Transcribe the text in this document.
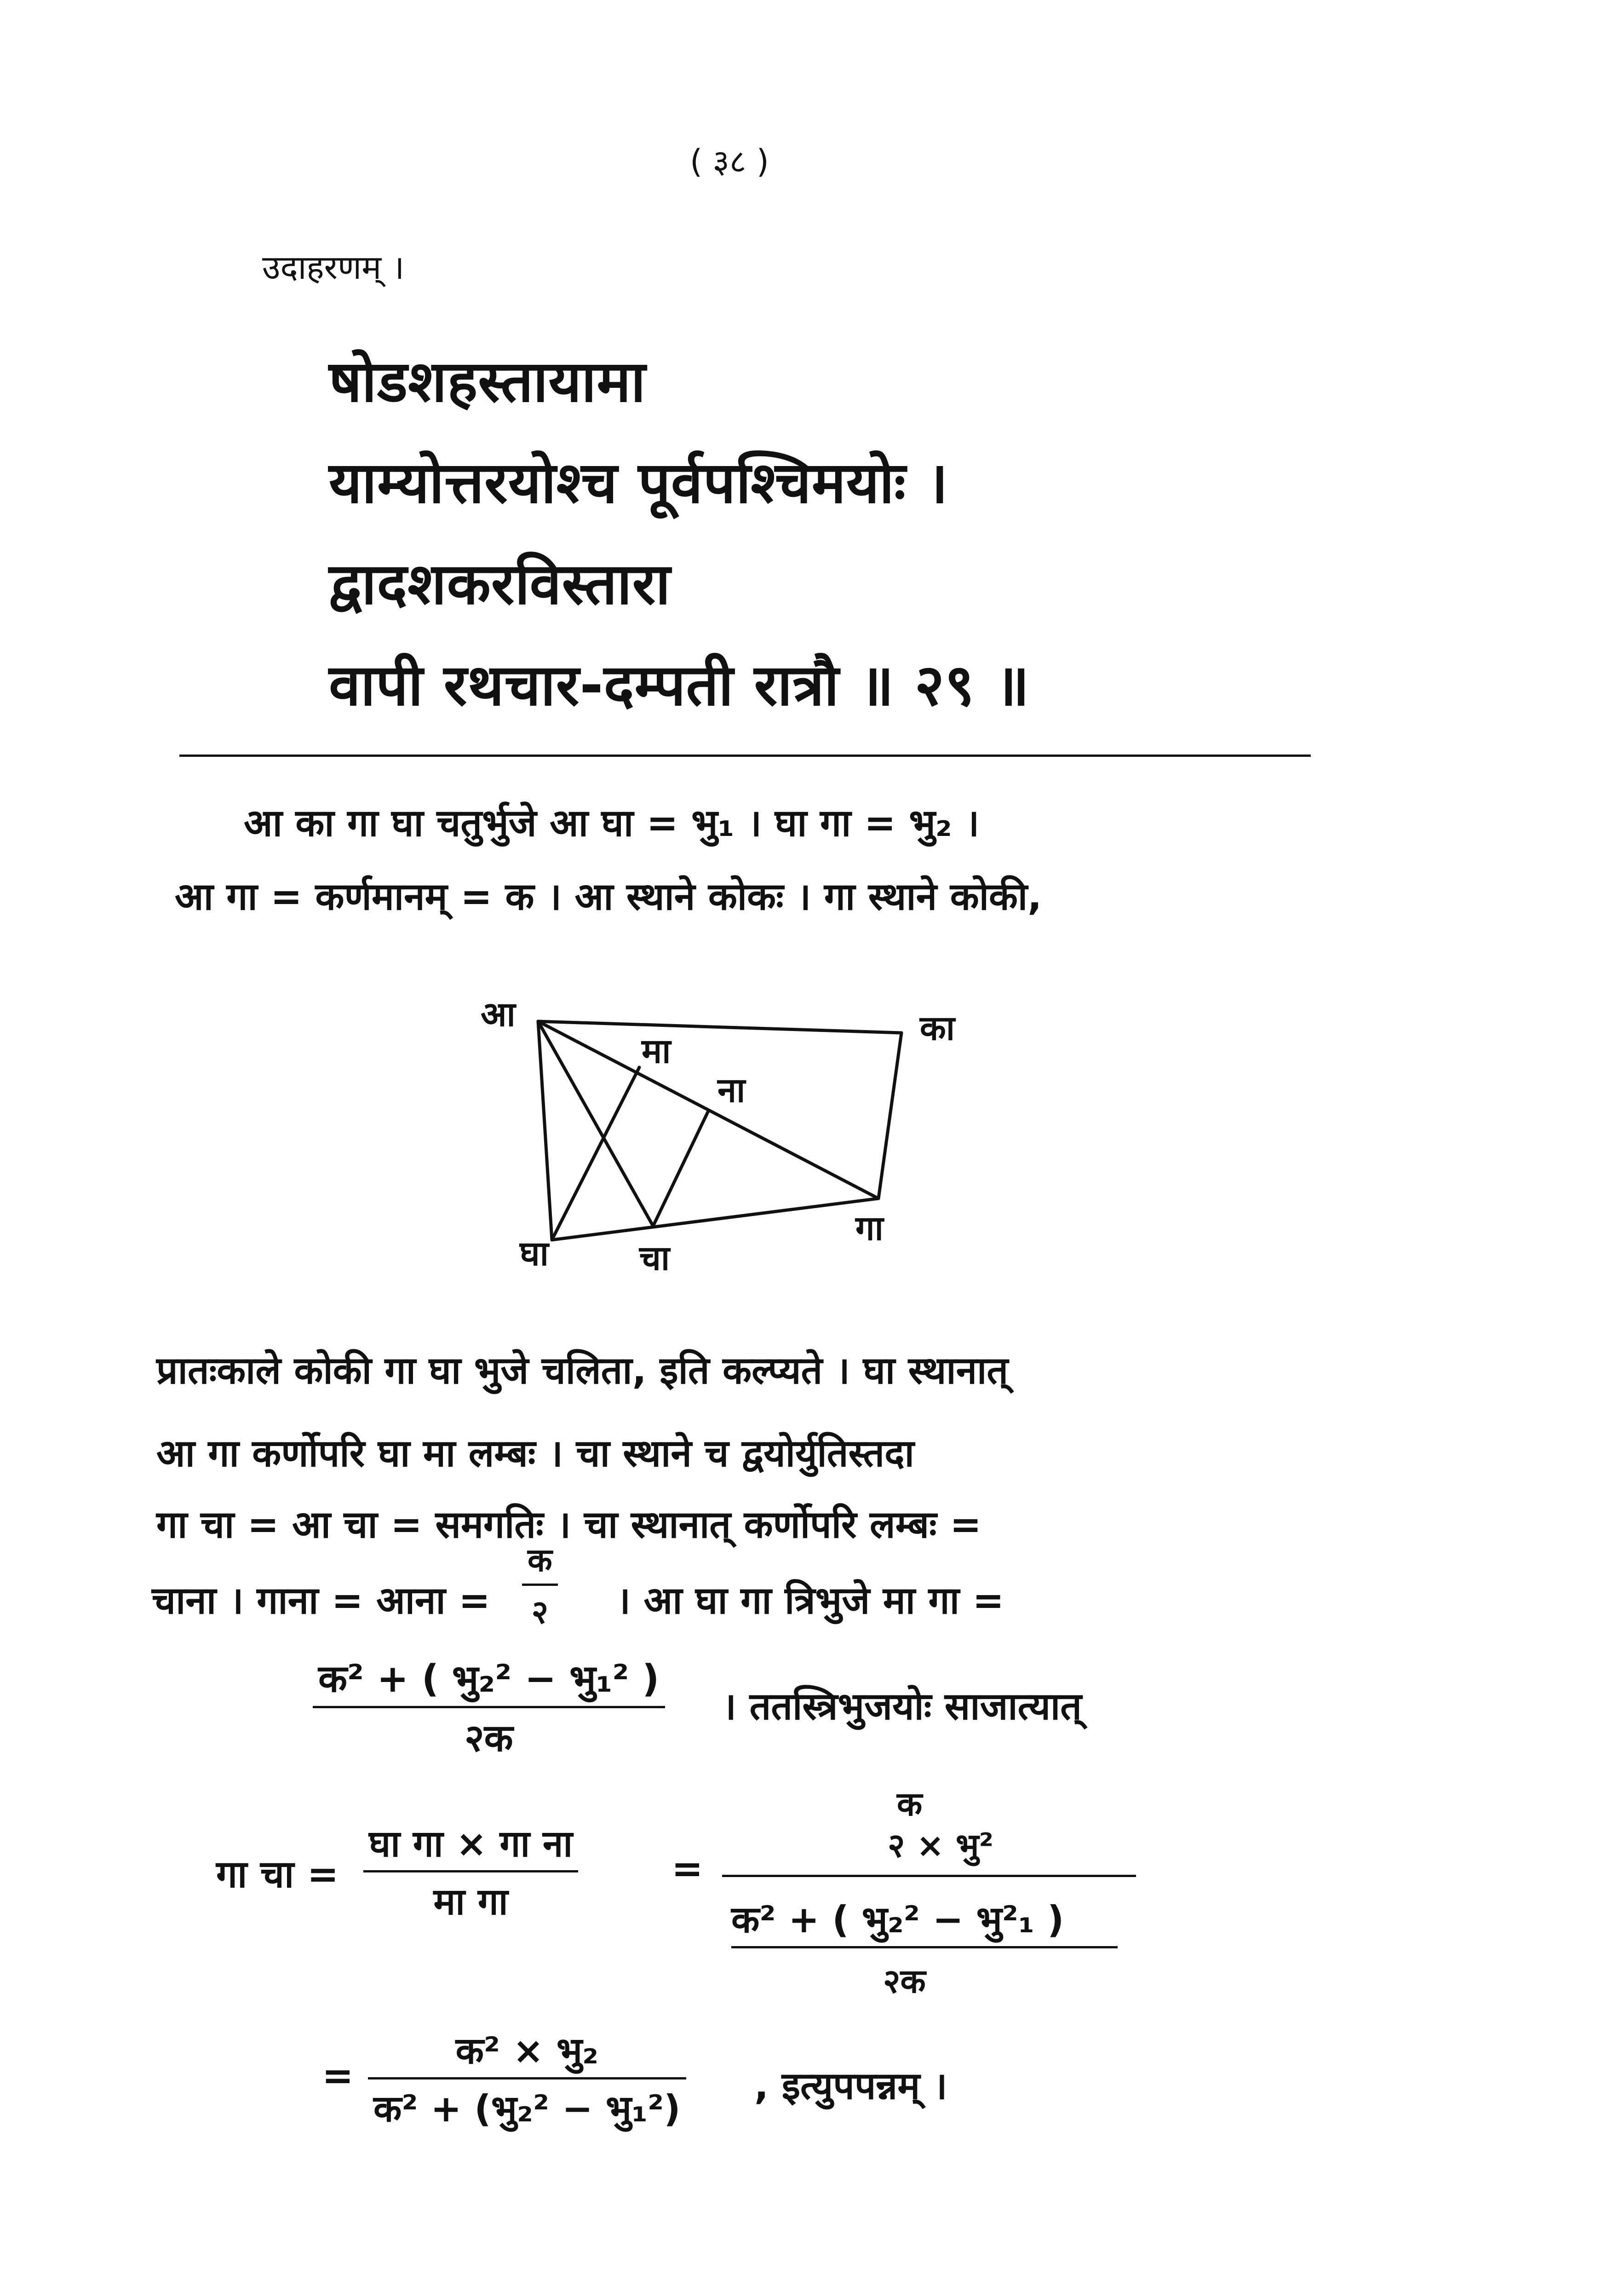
( ३८ )
उदाहरणम् ।
षोडशहस्तायामा
याम्योत्तरयोश्च पूर्वपश्चिमयोः ।
द्वादशकरविस्तारा
वापी रथचार-दम्पती रात्रौ ॥ २९ ॥
आ का गा घा चतुर्भुजे आ घा = भु₁ । घा गा = भु₂ ।
आ गा = कर्णमानम् = क । आ स्थाने कोकः । गा स्थाने कोकी,
आ	का
मा
ना
घा	चा
गा
प्रातःकाले कोकी गा घा भुजे चलिता, इति कल्प्यते । घा स्थानात्
आ गा कर्णोपरि घा मा लम्बः । चा स्थाने च द्वयोर्युतिस्तदा
गा चा = आ चा = समगतिः । चा स्थानात् कर्णोपरि लम्बः =
चाना । गाना = आना =
क
२ । आ घा गा त्रिभुजे मा गा =
क² + ( भु₂² − भु₁² )
२क
। ततस्त्रिभुजयोः साजात्यात्
गा चा =
घा गा × गा ना
मा गा
=
क
२ × भु²
क² + ( भु₂² − भु²₁ )
२क
=
क² × भु₂
क² + (भु₂² − भु₁²)
, इत्युपपन्नम् ।
